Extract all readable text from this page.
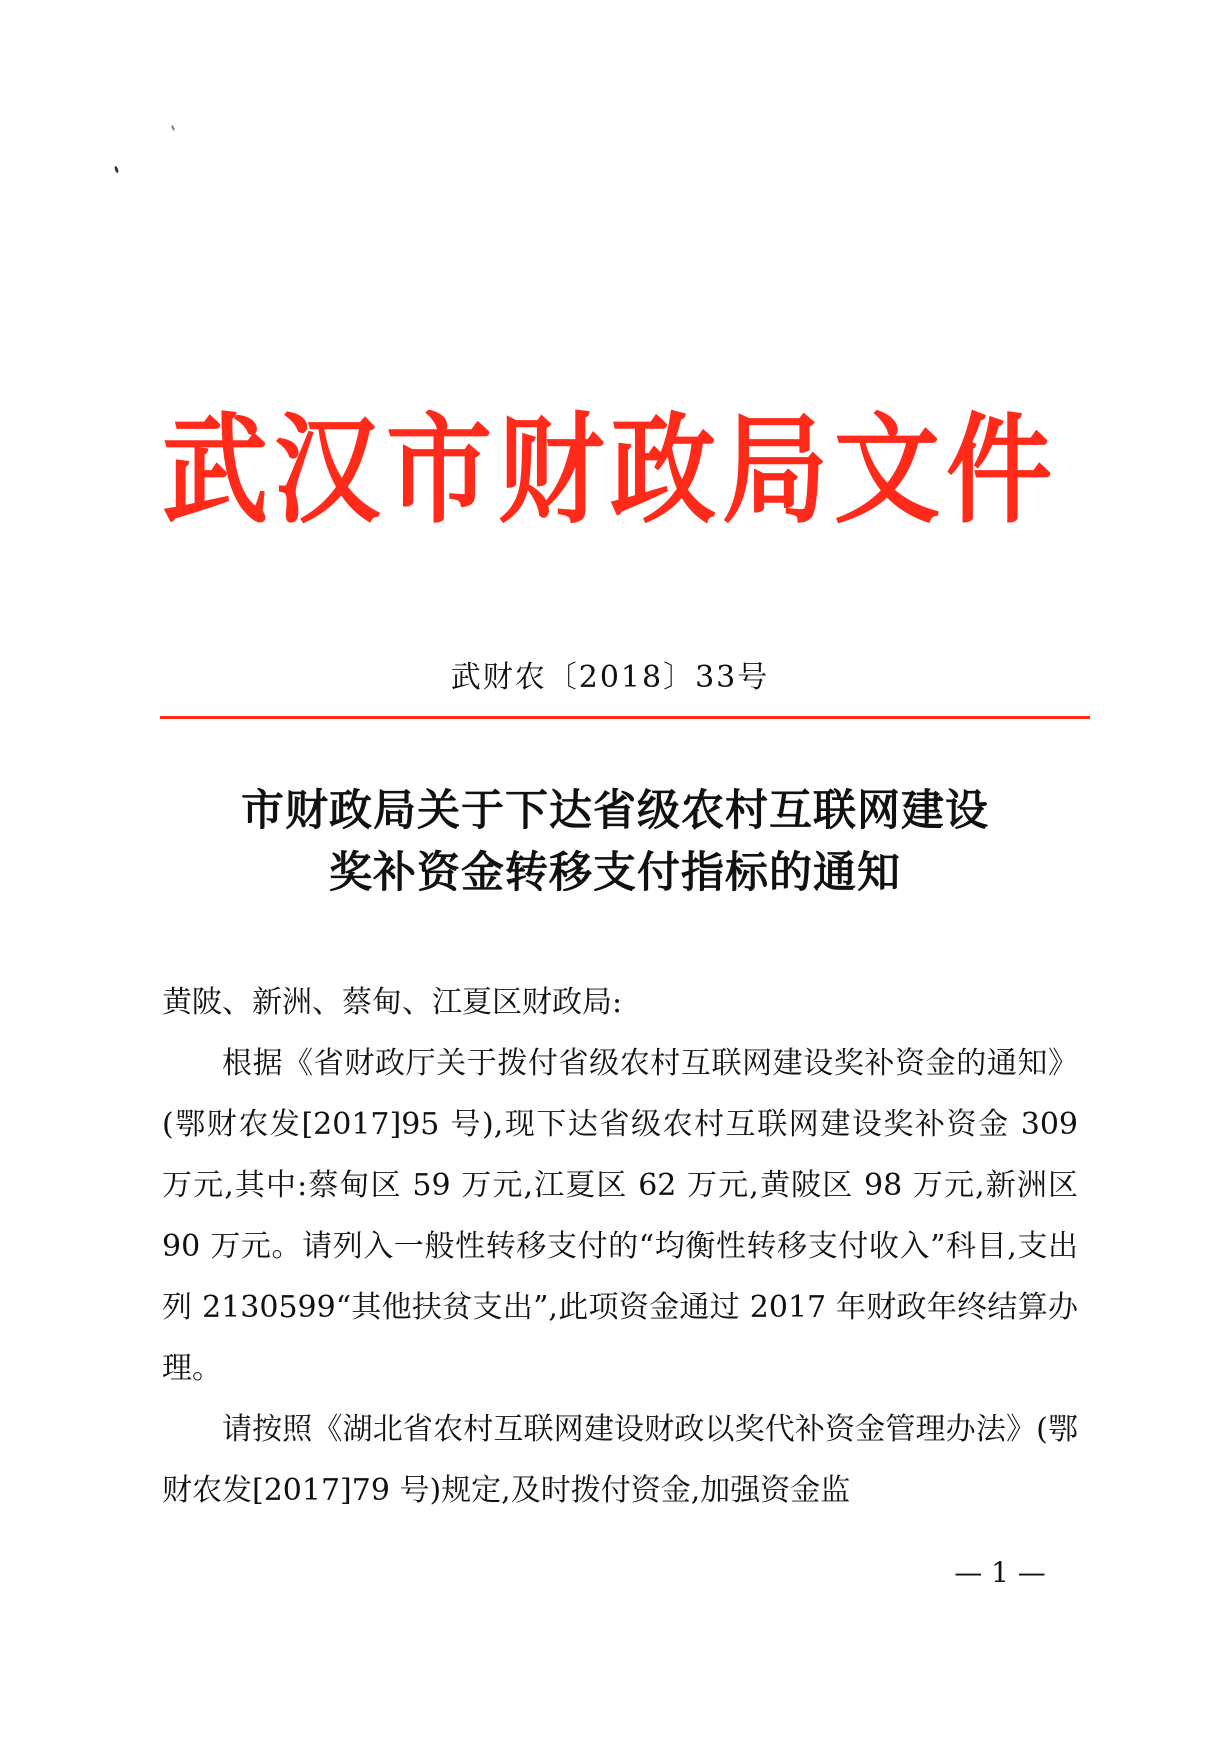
武汉市财政局文件
武财农〔2018〕33号
市财政局关于下达省级农村互联网建设
奖补资金转移支付指标的通知

黄陂、新洲、蔡甸、江夏区财政局:

根据《省财政厅关于拨付省级农村互联网建设奖补资金的通知》(鄂财农发[2017]95 号),现下达省级农村互联网建设奖补资金 309 万元,其中:蔡甸区 59 万元,江夏区 62 万元,黄陂区 98 万元,新洲区 90 万元。请列入一般性转移支付的“均衡性转移支付收入”科目,支出列 2130599“其他扶贫支出”,此项资金通过 2017 年财政年终结算办理。

请按照《湖北省农村互联网建设财政以奖代补资金管理办法》(鄂财农发[2017]79 号)规定,及时拨付资金,加强资金监

— 1 —
